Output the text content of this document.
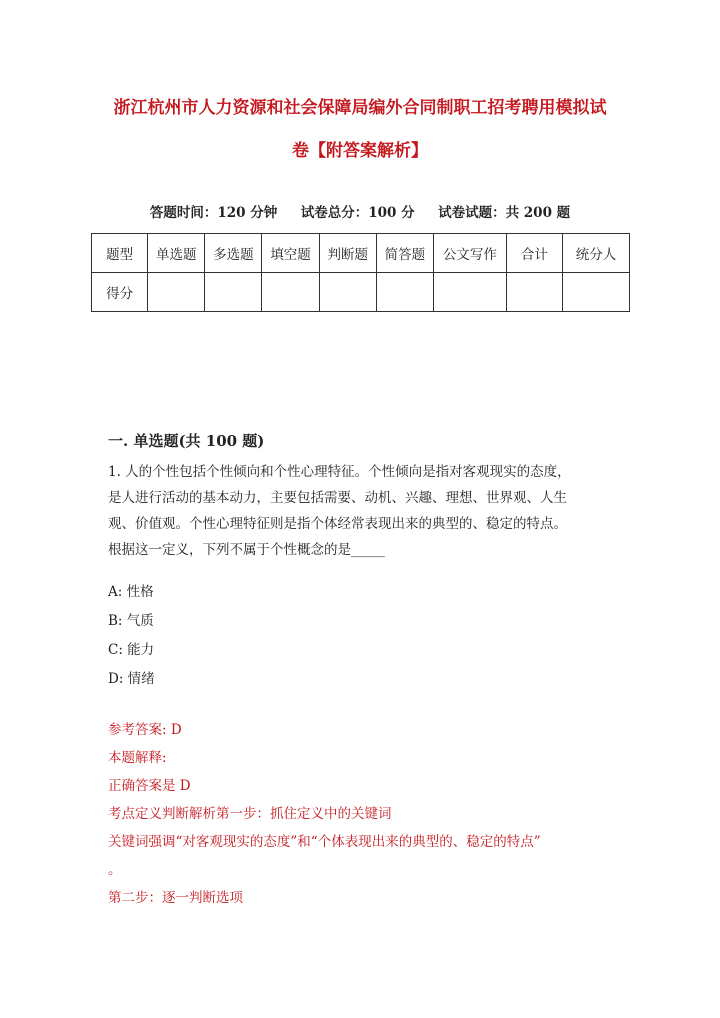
浙江杭州市人力资源和社会保障局编外合同制职工招考聘用模拟试
卷【附答案解析】
答题时间：120 分钟     试卷总分：100 分     试卷试题：共 200 题
题型	单选题	多选题	填空题	判断题	简答题	公文写作	合计	统分人
得分								
一. 单选题(共 100 题)

1. 人的个性包括个性倾向和个性心理特征。个性倾向是指对客观现实的态度，

是人进行活动的基本动力，主要包括需要、动机、兴趣、理想、世界观、人生

观、价值观。个性心理特征则是指个体经常表现出来的典型的、稳定的特点。

根据这一定义，下列不属于个性概念的是_____

A: 性格
B: 气质
C: 能力
D: 情绪
参考答案: D
本题解释:
正确答案是 D
考点定义判断解析第一步：抓住定义中的关键词
关键词强调“对客观现实的态度”和“个体表现出来的典型的、稳定的特点”
。
第二步：逐一判断选项
